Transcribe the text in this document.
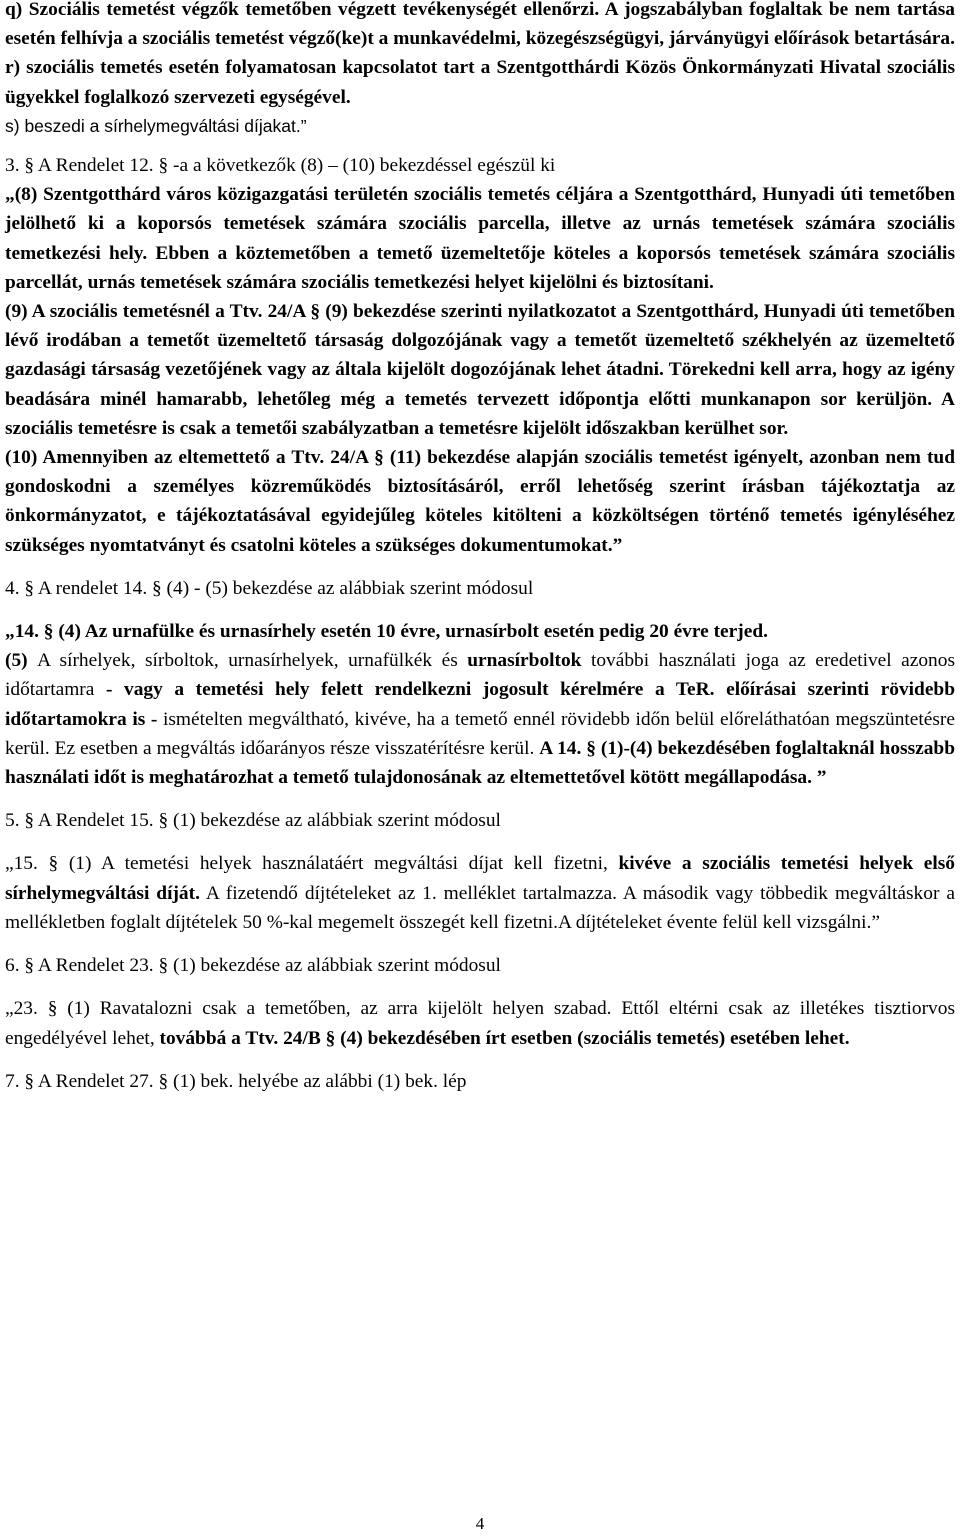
q) Szociális temetést végzők temetőben végzett tevékenységét ellenőrzi. A jogszabályban foglaltak be nem tartása esetén felhívja a szociális temetést végző(ke)t a munkavédelmi, közegészségügyi, járványügyi előírások betartására.

r) szociális temetés esetén folyamatosan kapcsolatot tart a Szentgotthárdi Közös Önkormányzati Hivatal szociális ügyekkel foglalkozó szervezeti egységével.

s) beszedi a sírhelymegváltási díjakat.”

3. § A Rendelet 12. § -a a következők (8) – (10) bekezdéssel egészül ki

„(8) Szentgotthárd város közigazgatási területén szociális temetés céljára a Szentgotthárd, Hunyadi úti temetőben jelölhető ki a koporsós temetések számára szociális parcella, illetve az urnás temetések számára szociális temetkezési hely. Ebben a köztemetőben a temető üzemeltetője köteles a koporsós temetések számára szociális parcellát, urnás temetések számára szociális temetkezési helyet kijelölni és biztosítani.

(9) A szociális temetésnél a Ttv. 24/A § (9) bekezdése szerinti nyilatkozatot a Szentgotthárd, Hunyadi úti temetőben lévő irodában a temetőt üzemeltető társaság dolgozójának vagy a temetőt üzemeltető székhelyén az üzemeltető gazdasági társaság vezetőjének vagy az általa kijelölt dogozójának lehet átadni. Törekedni kell arra, hogy az igény beadására minél hamarabb, lehetőleg még a temetés tervezett időpontja előtti munkanapon sor kerüljön. A szociális temetésre is csak a temetői szabályzatban a temetésre kijelölt időszakban kerülhet sor.

(10) Amennyiben az eltemettető a Ttv. 24/A § (11) bekezdése alapján szociális temetést igényelt, azonban nem tud gondoskodni a személyes közreműködés biztosításáról, erről lehetőség szerint írásban tájékoztatja az önkormányzatot, e tájékoztatásával egyidejűleg köteles kitölteni a közköltségen történő temetés igényléséhez szükséges nyomtatványt és csatolni köteles a szükséges dokumentumokat.”

4. § A rendelet 14. § (4) - (5) bekezdése az alábbiak szerint módosul

„14. § (4) Az urnafülke és urnasírhely esetén 10 évre, urnasírbolt esetén pedig 20 évre terjed.

(5) A sírhelyek, sírboltok, urnasírhelyek, urnafülkék és urnasírboltok további használati joga az eredetivel azonos időtartamra - vagy a temetési hely felett rendelkezni jogosult kérelmére a TeR. előírásai szerinti rövidebb időtartamokra is - ismételten megváltható, kivéve, ha a temető ennél rövidebb időn belül előreláthatóan megszüntetésre kerül. Ez esetben a megváltás időarányos része visszatérítésre kerül. A 14. § (1)-(4) bekezdésében foglaltaknál hosszabb használati időt is meghatározhat a temető tulajdonosának az eltemettetővel kötött megállapodása. ”

5. § A Rendelet 15. § (1) bekezdése az alábbiak szerint módosul

„15. § (1) A temetési helyek használatáért megváltási díjat kell fizetni, kivéve a szociális temetési helyek első sírhelymegváltási díját. A fizetendő díjtételeket az 1. melléklet tartalmazza. A második vagy többedik megváltáskor a mellékletben foglalt díjtételek 50 %-kal megemelt összegét kell fizetni.A díjtételeket évente felül kell vizsgálni.”

6. § A Rendelet 23. § (1) bekezdése az alábbiak szerint módosul

„23. § (1) Ravatalozni csak a temetőben, az arra kijelölt helyen szabad. Ettől eltérni csak az illetékes tisztiorvos engedélyével lehet, továbbá a Ttv. 24/B § (4) bekezdésében írt esetben (szociális temetés) esetében lehet.

7. § A Rendelet 27. § (1) bek. helyébe az alábbi (1) bek. lép

4
